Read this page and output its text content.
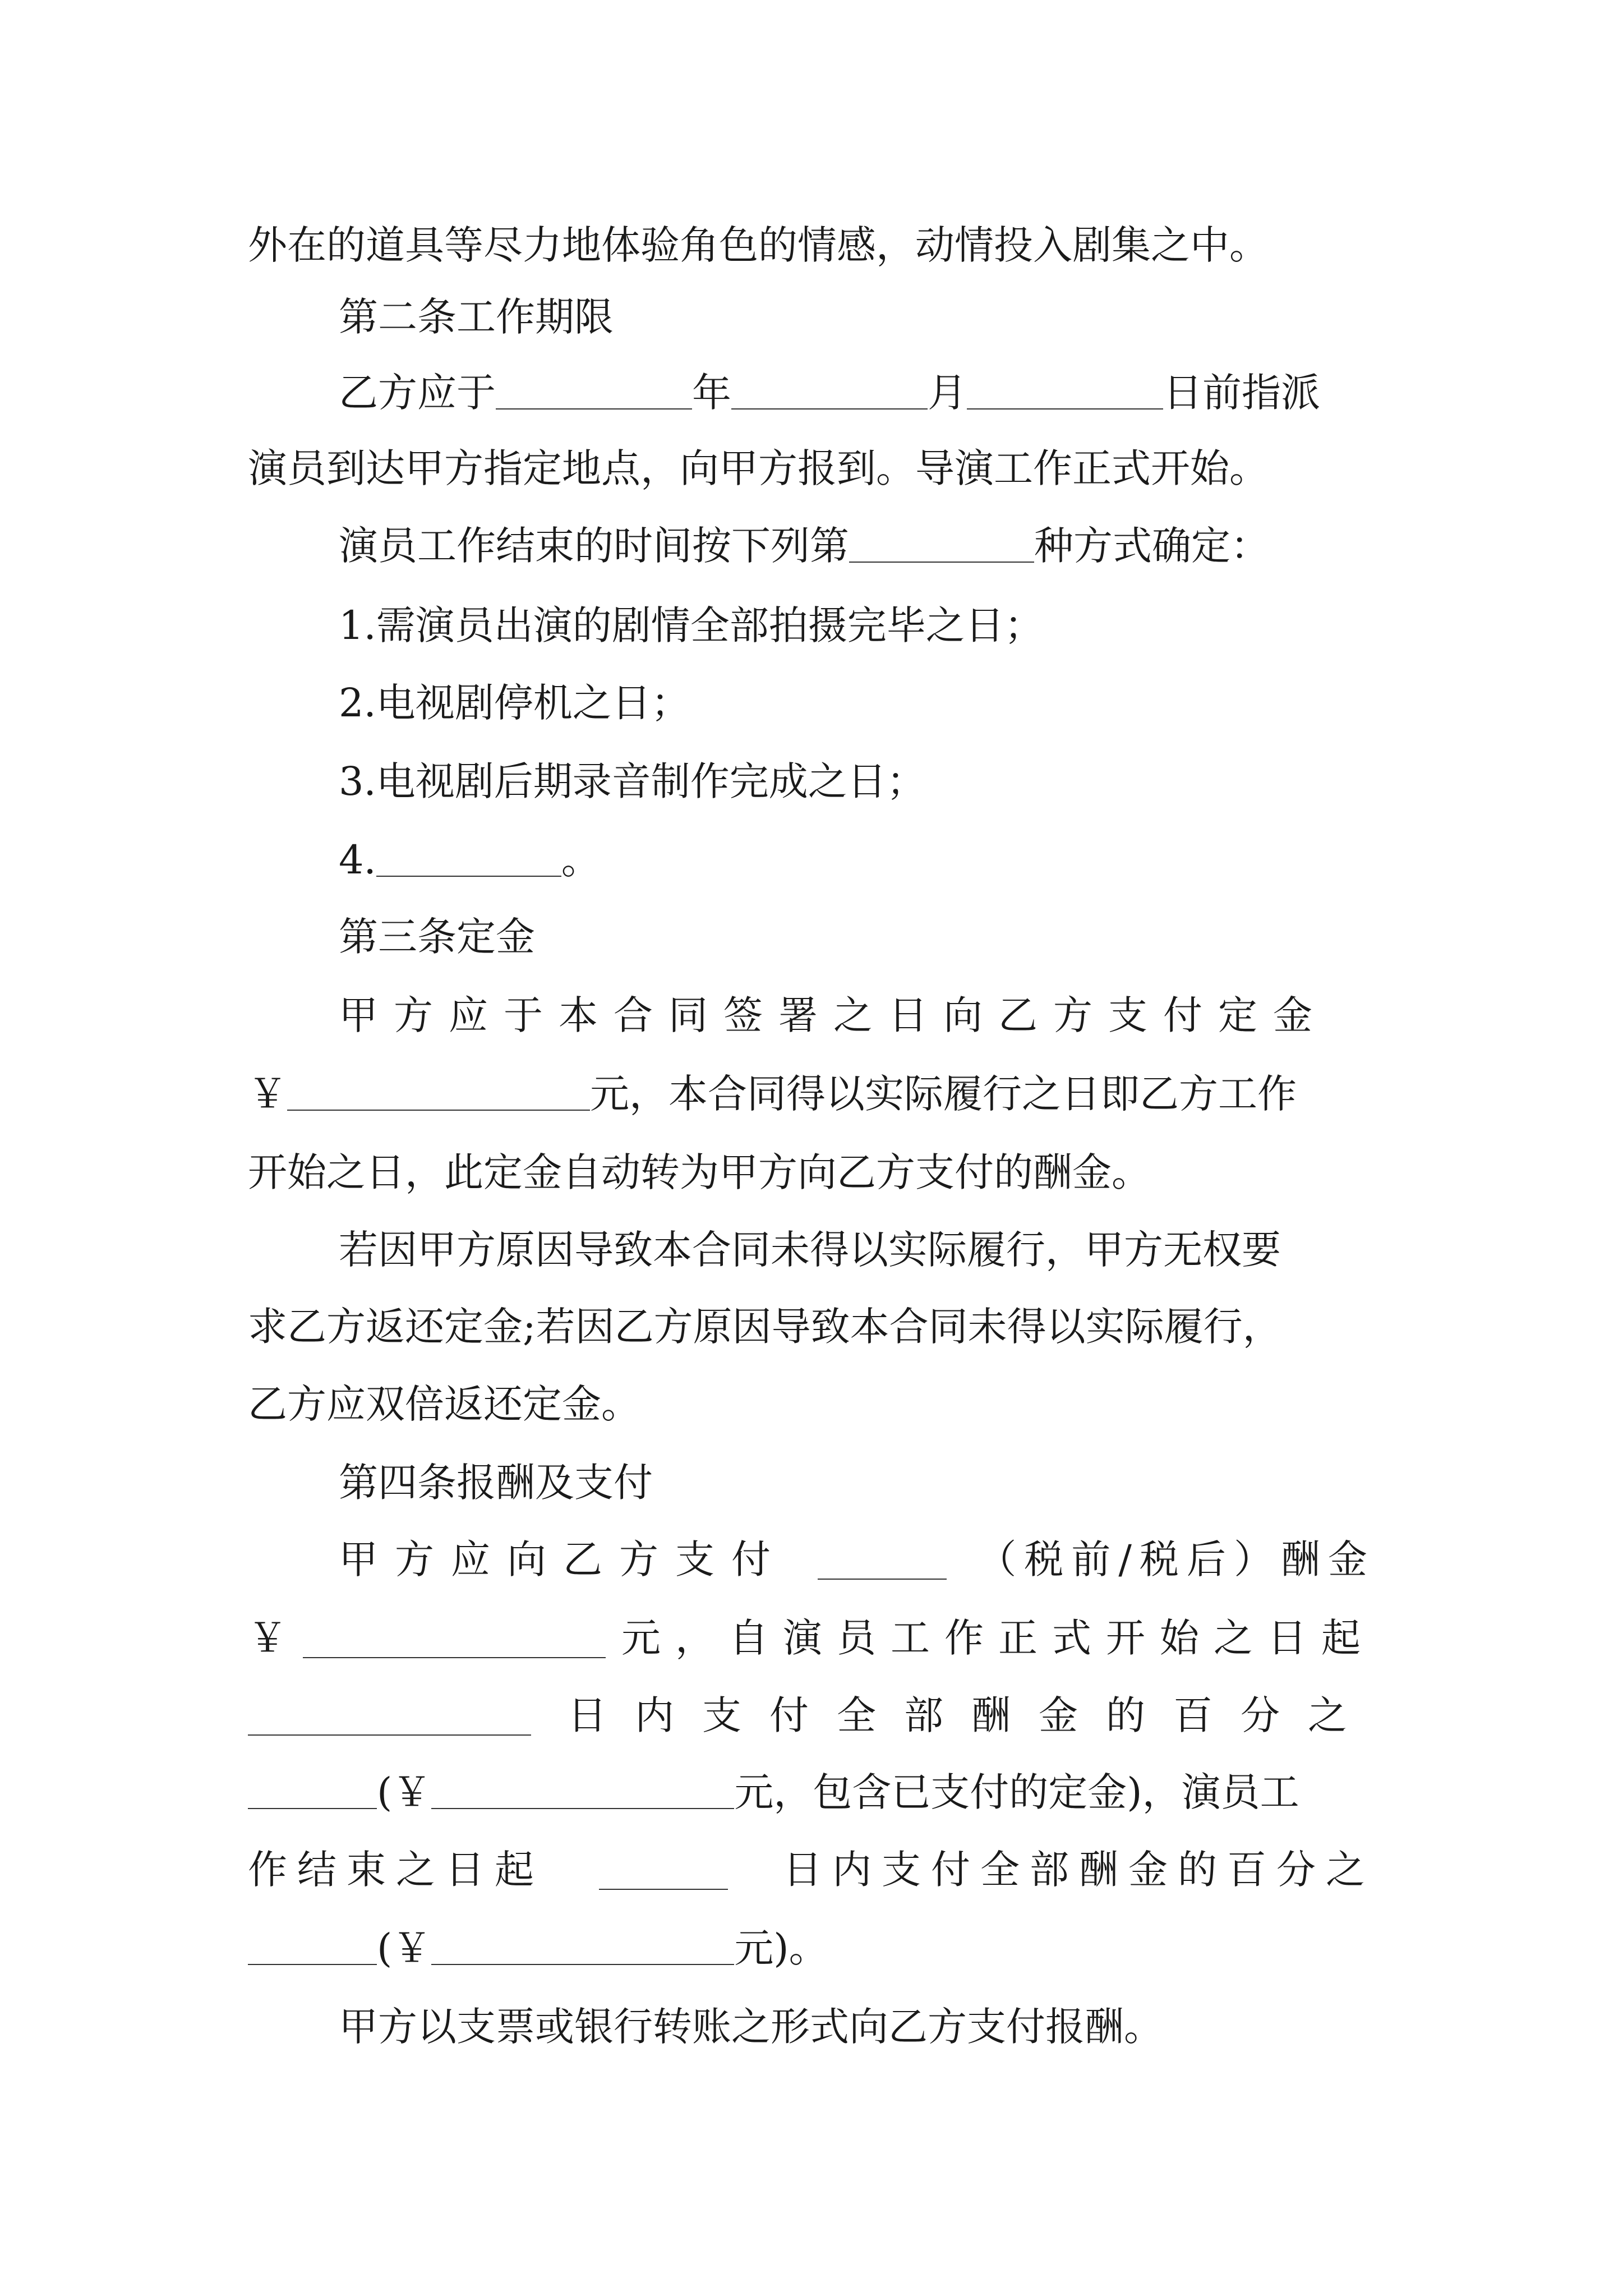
外在的道具等尽力地体验角色的情感，动情投入剧集之中。
第二条工作期限
乙方应于	年	月	日前指派
演员到达甲方指定地点，向甲方报到。导演工作正式开始。
演员工作结束的时间按下列第	种方式确定：
1.需演员出演的剧情全部拍摄完毕之日；
2.电视剧停机之日；
3.电视剧后期录音制作完成之日；
4.	。
第三条定金
甲方应于本合同签署之日向乙方支付定金
￥	元，本合同得以实际履行之日即乙方工作
开始之日，此定金自动转为甲方向乙方支付的酬金。
若因甲方原因导致本合同未得以实际履行，甲方无权要
求乙方返还定金;若因乙方原因导致本合同未得以实际履行，
乙方应双倍返还定金。
第四条报酬及支付
甲方应向乙方支付	（税前/税后）酬金
￥	元，自演员工作正式开始之日起
日内支付全部酬金的百分之
(￥	元，包含已支付的定金)，演员工
作结束之日起	日内支付全部酬金的百分之
(￥	元)。
甲方以支票或银行转账之形式向乙方支付报酬。
